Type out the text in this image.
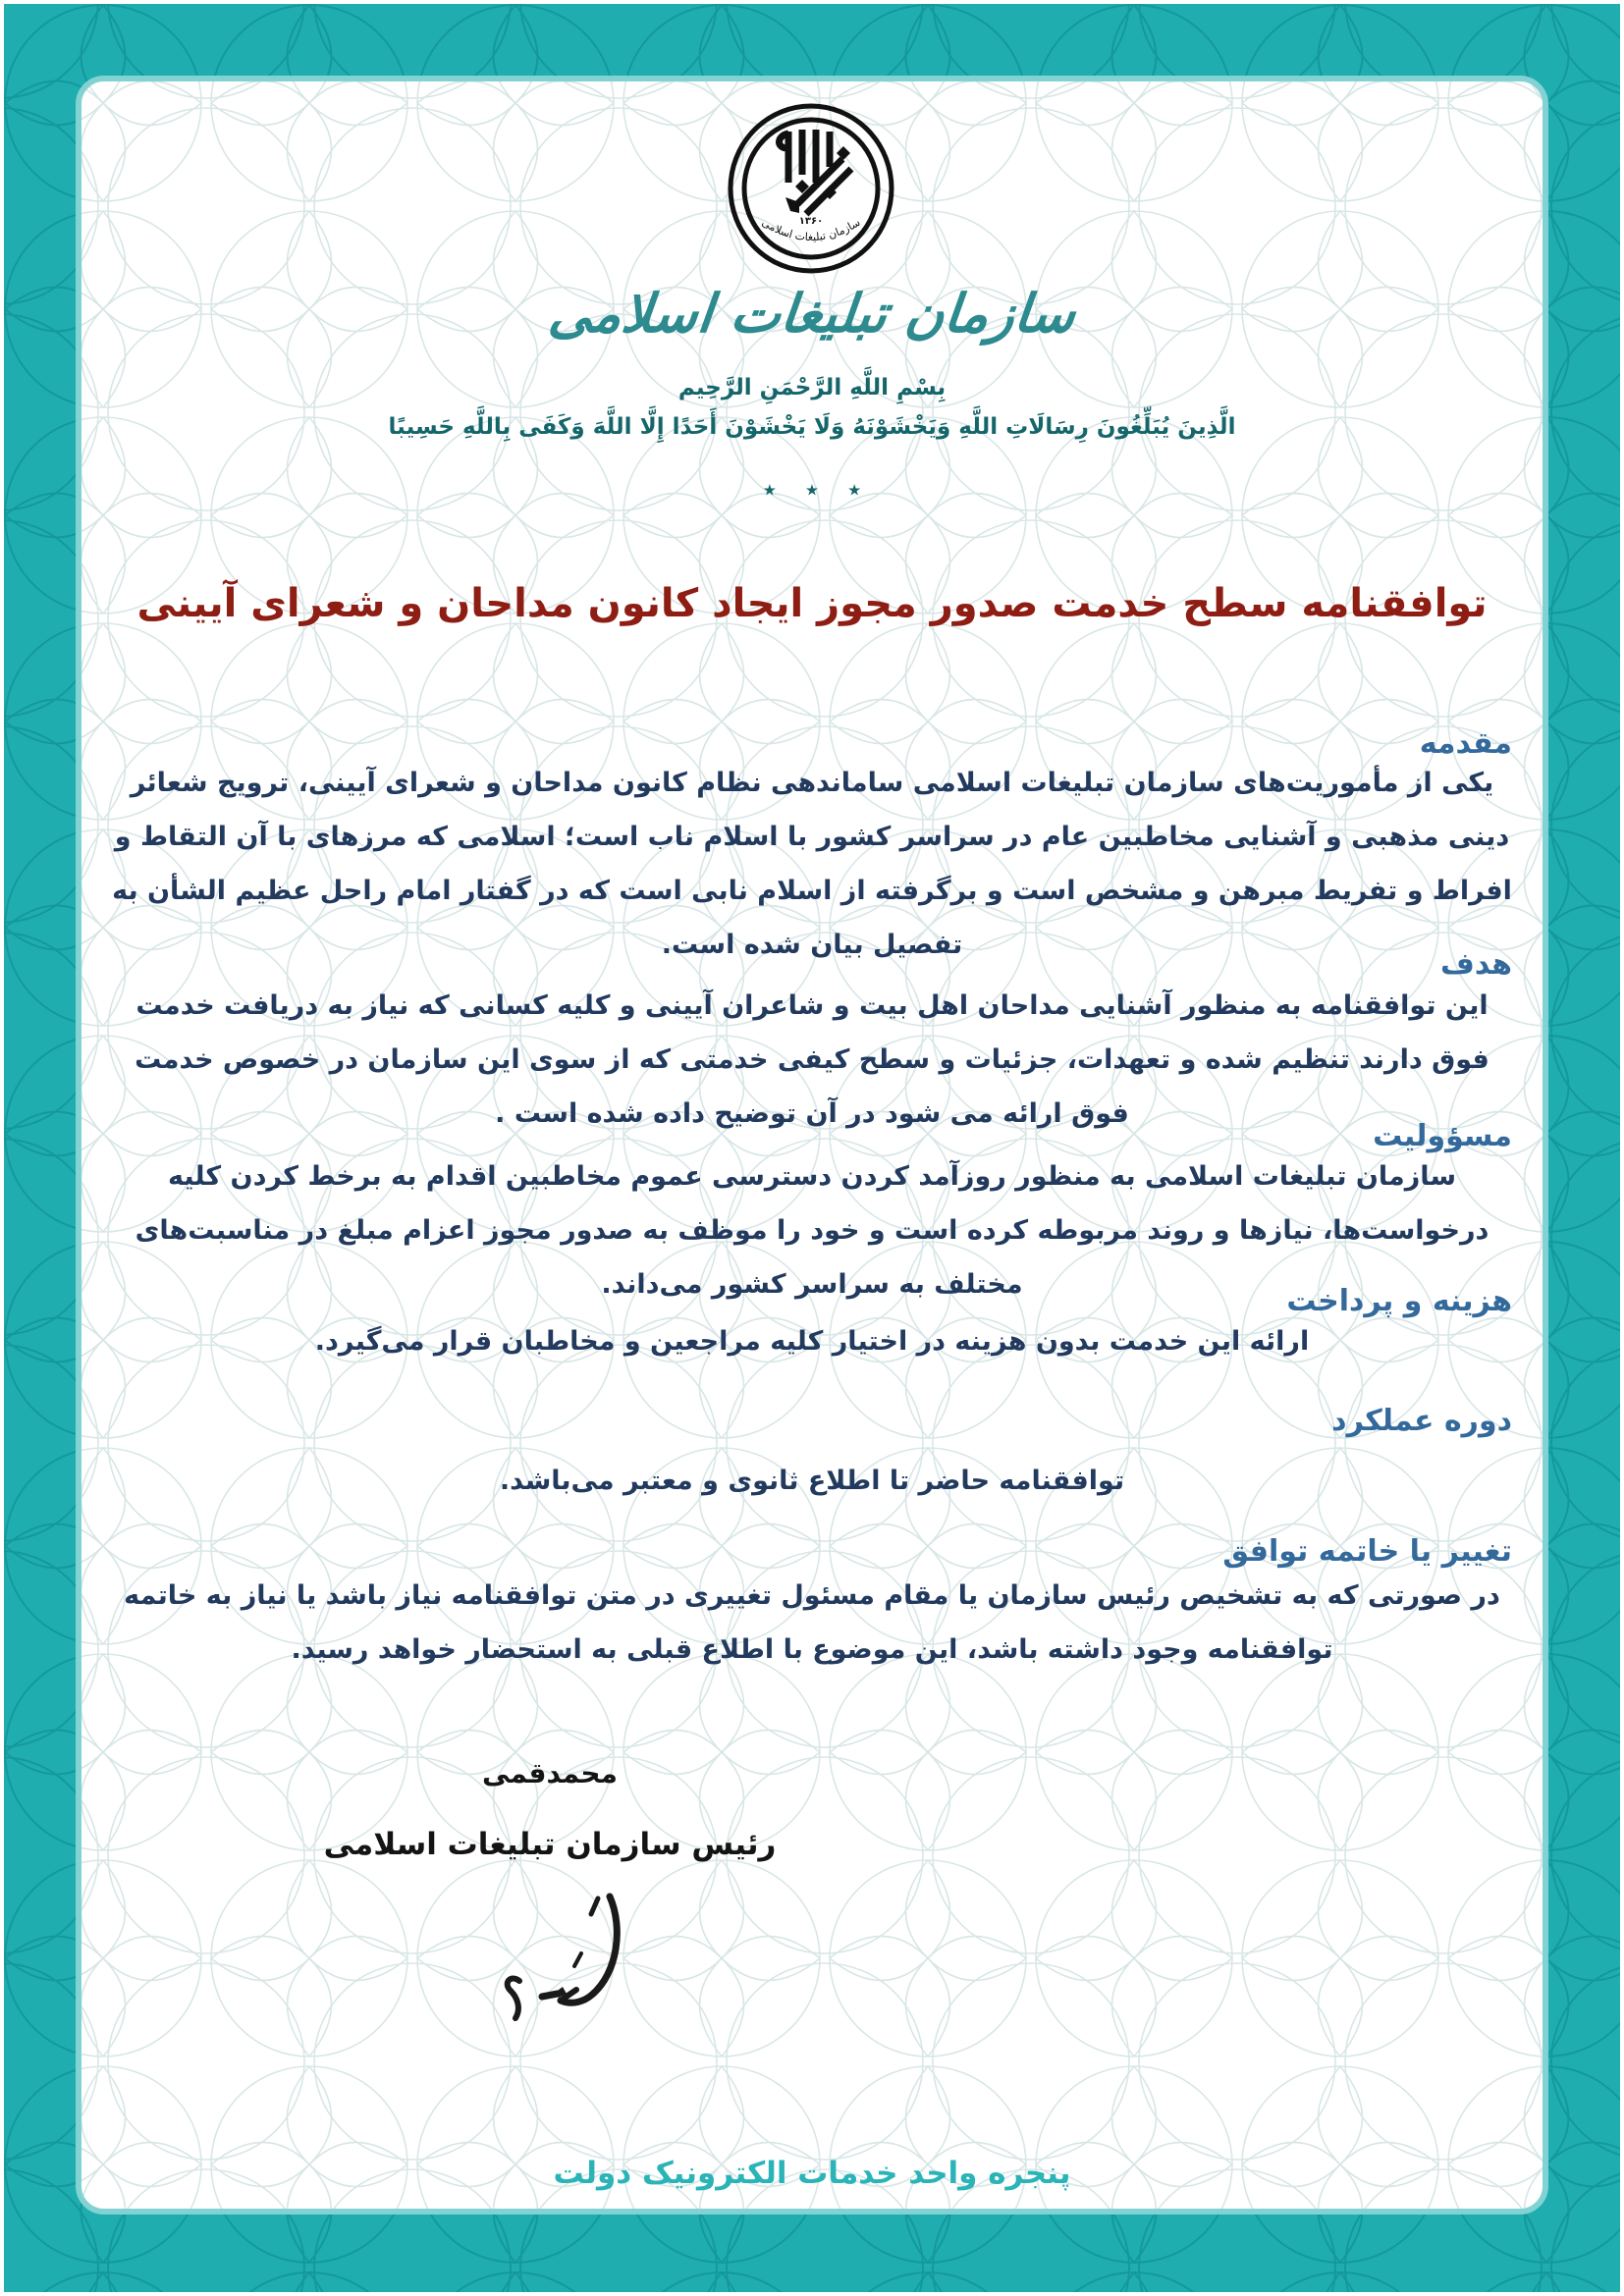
۱۳۶۰
سازمان تبلیغات اسلامی
سازمان تبلیغات اسلامی
بِسْمِ اللَّهِ الرَّحْمَنِ الرَّحِيم
الَّذِينَ يُبَلِّغُونَ رِسَالَاتِ اللَّهِ وَيَخْشَوْنَهُ وَلَا يَخْشَوْنَ أَحَدًا إِلَّا اللَّهَ وَكَفَى بِاللَّهِ حَسِيبًا
٭ ٭ ٭
توافقنامه سطح خدمت صدور مجوز ایجاد کانون مداحان و شعرای آیینی
مقدمه
یکی از مأموریت‌های سازمان تبلیغات اسلامی ساماندهی نظام کانون مداحان و شعرای آیینی، ترویج شعائر دینی مذهبی و آشنایی مخاطبین عام در سراسر کشور با اسلام ناب است؛ اسلامی که مرزهای با آن التقاط و افراط و تفریط مبرهن و مشخص است و برگرفته از اسلام نابی است که در گفتار امام راحل عظیم الشأن به تفصیل بیان شده است.
هدف
این توافقنامه به منظور آشنایی مداحان اهل بیت و شاعران آیینی و کلیه کسانی که نیاز به دریافت خدمت فوق دارند تنظیم شده و تعهدات، جزئیات و سطح کیفی خدمتی که از سوی این سازمان در خصوص خدمت فوق ارائه می شود در آن توضیح داده شده است .
مسؤولیت
سازمان تبلیغات اسلامی به منظور روزآمد کردن دسترسی عموم مخاطبین اقدام به برخط کردن کلیه درخواست‌ها، نیازها و روند مربوطه کرده است و خود را موظف به صدور مجوز اعزام مبلغ در مناسبت‌های مختلف به سراسر کشور می‌داند.	هزینه و پرداخت
ارائه این خدمت بدون هزینه در اختیار کلیه مراجعین و مخاطبان قرار می‌گیرد.
دوره عملکرد
توافقنامه حاضر تا اطلاع ثانوی و معتبر می‌باشد.
تغییر یا خاتمه توافق
در صورتی که به تشخیص رئیس سازمان یا مقام مسئول تغییری در متن توافقنامه نیاز باشد یا نیاز به خاتمه توافقنامه وجود داشته باشد، این موضوع با اطلاع قبلی به استحضار خواهد رسید.
محمدقمی
رئیس سازمان تبلیغات اسلامی
پنجره واحد خدمات الکترونیک دولت
